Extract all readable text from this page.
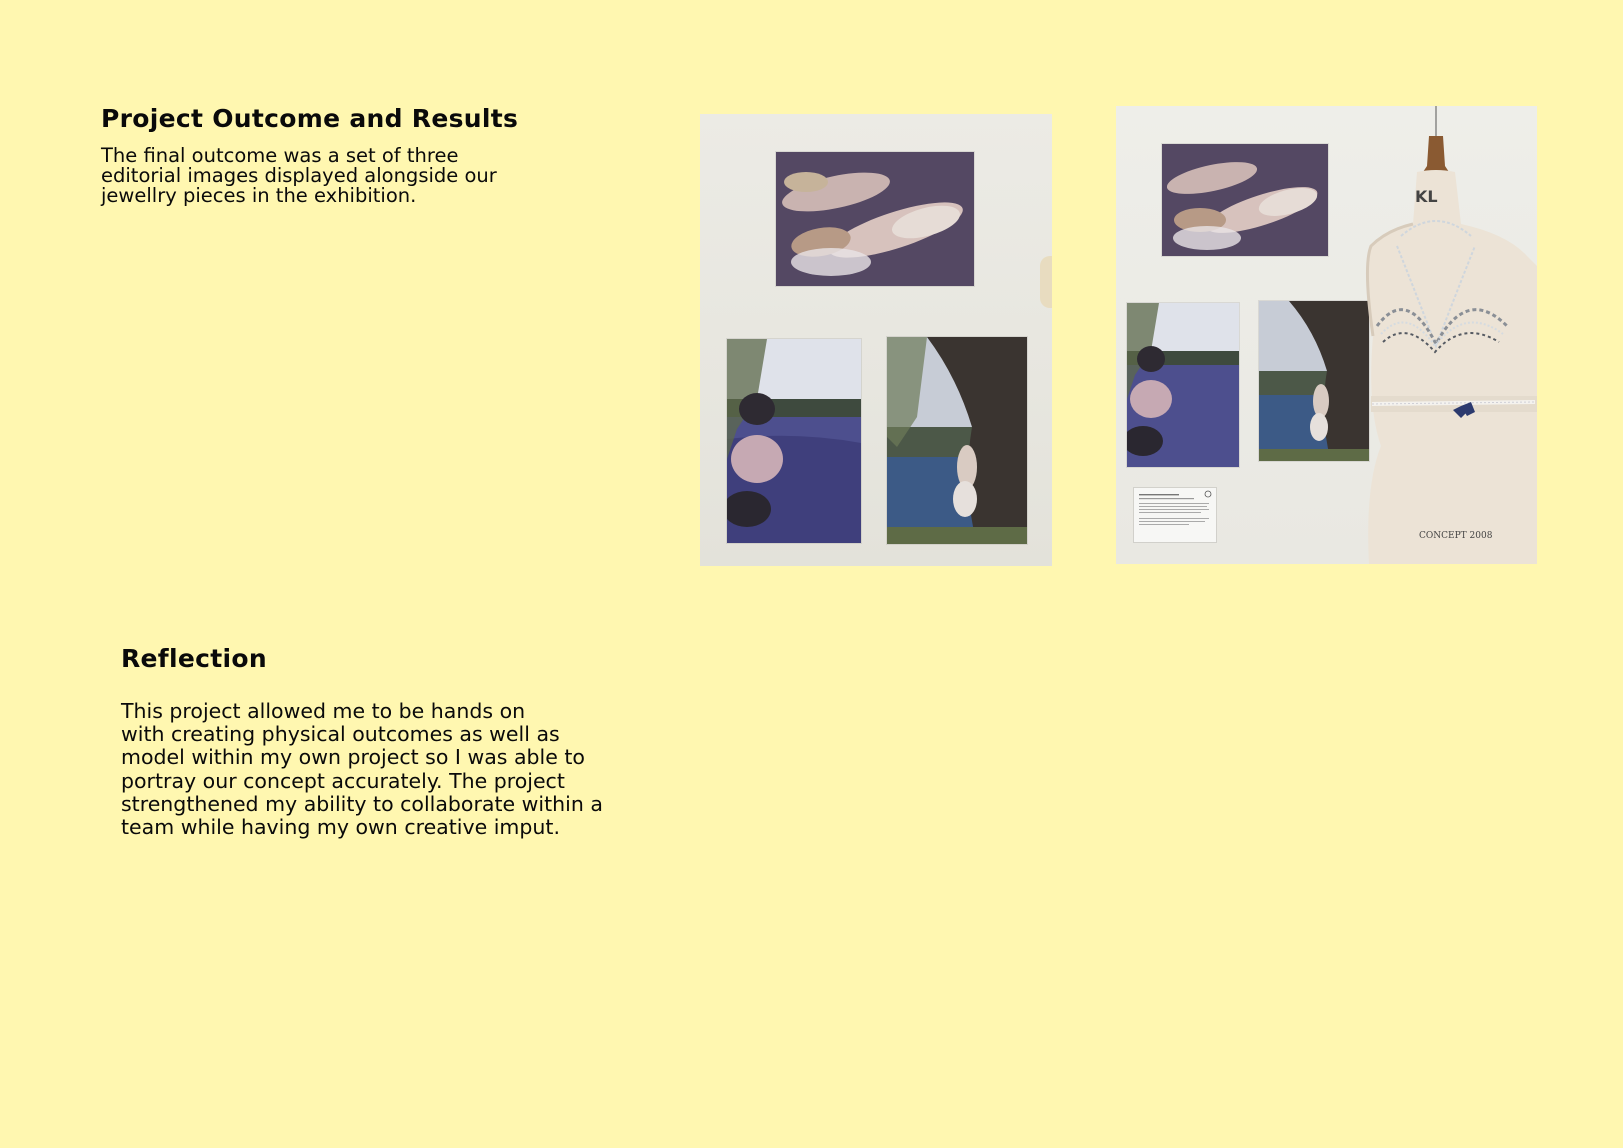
Project Outcome and Results

The final outcome was a set of three
editorial images displayed alongside our
jewellry pieces in the exhibition.

Reflection

This project allowed me to be hands on
with creating physical outcomes as well as
model within my own project so I was able to
portray our concept accurately. The project
strengthened my ability to collaborate within a
team while having my own creative imput.

KL
CONCEPT 2008
